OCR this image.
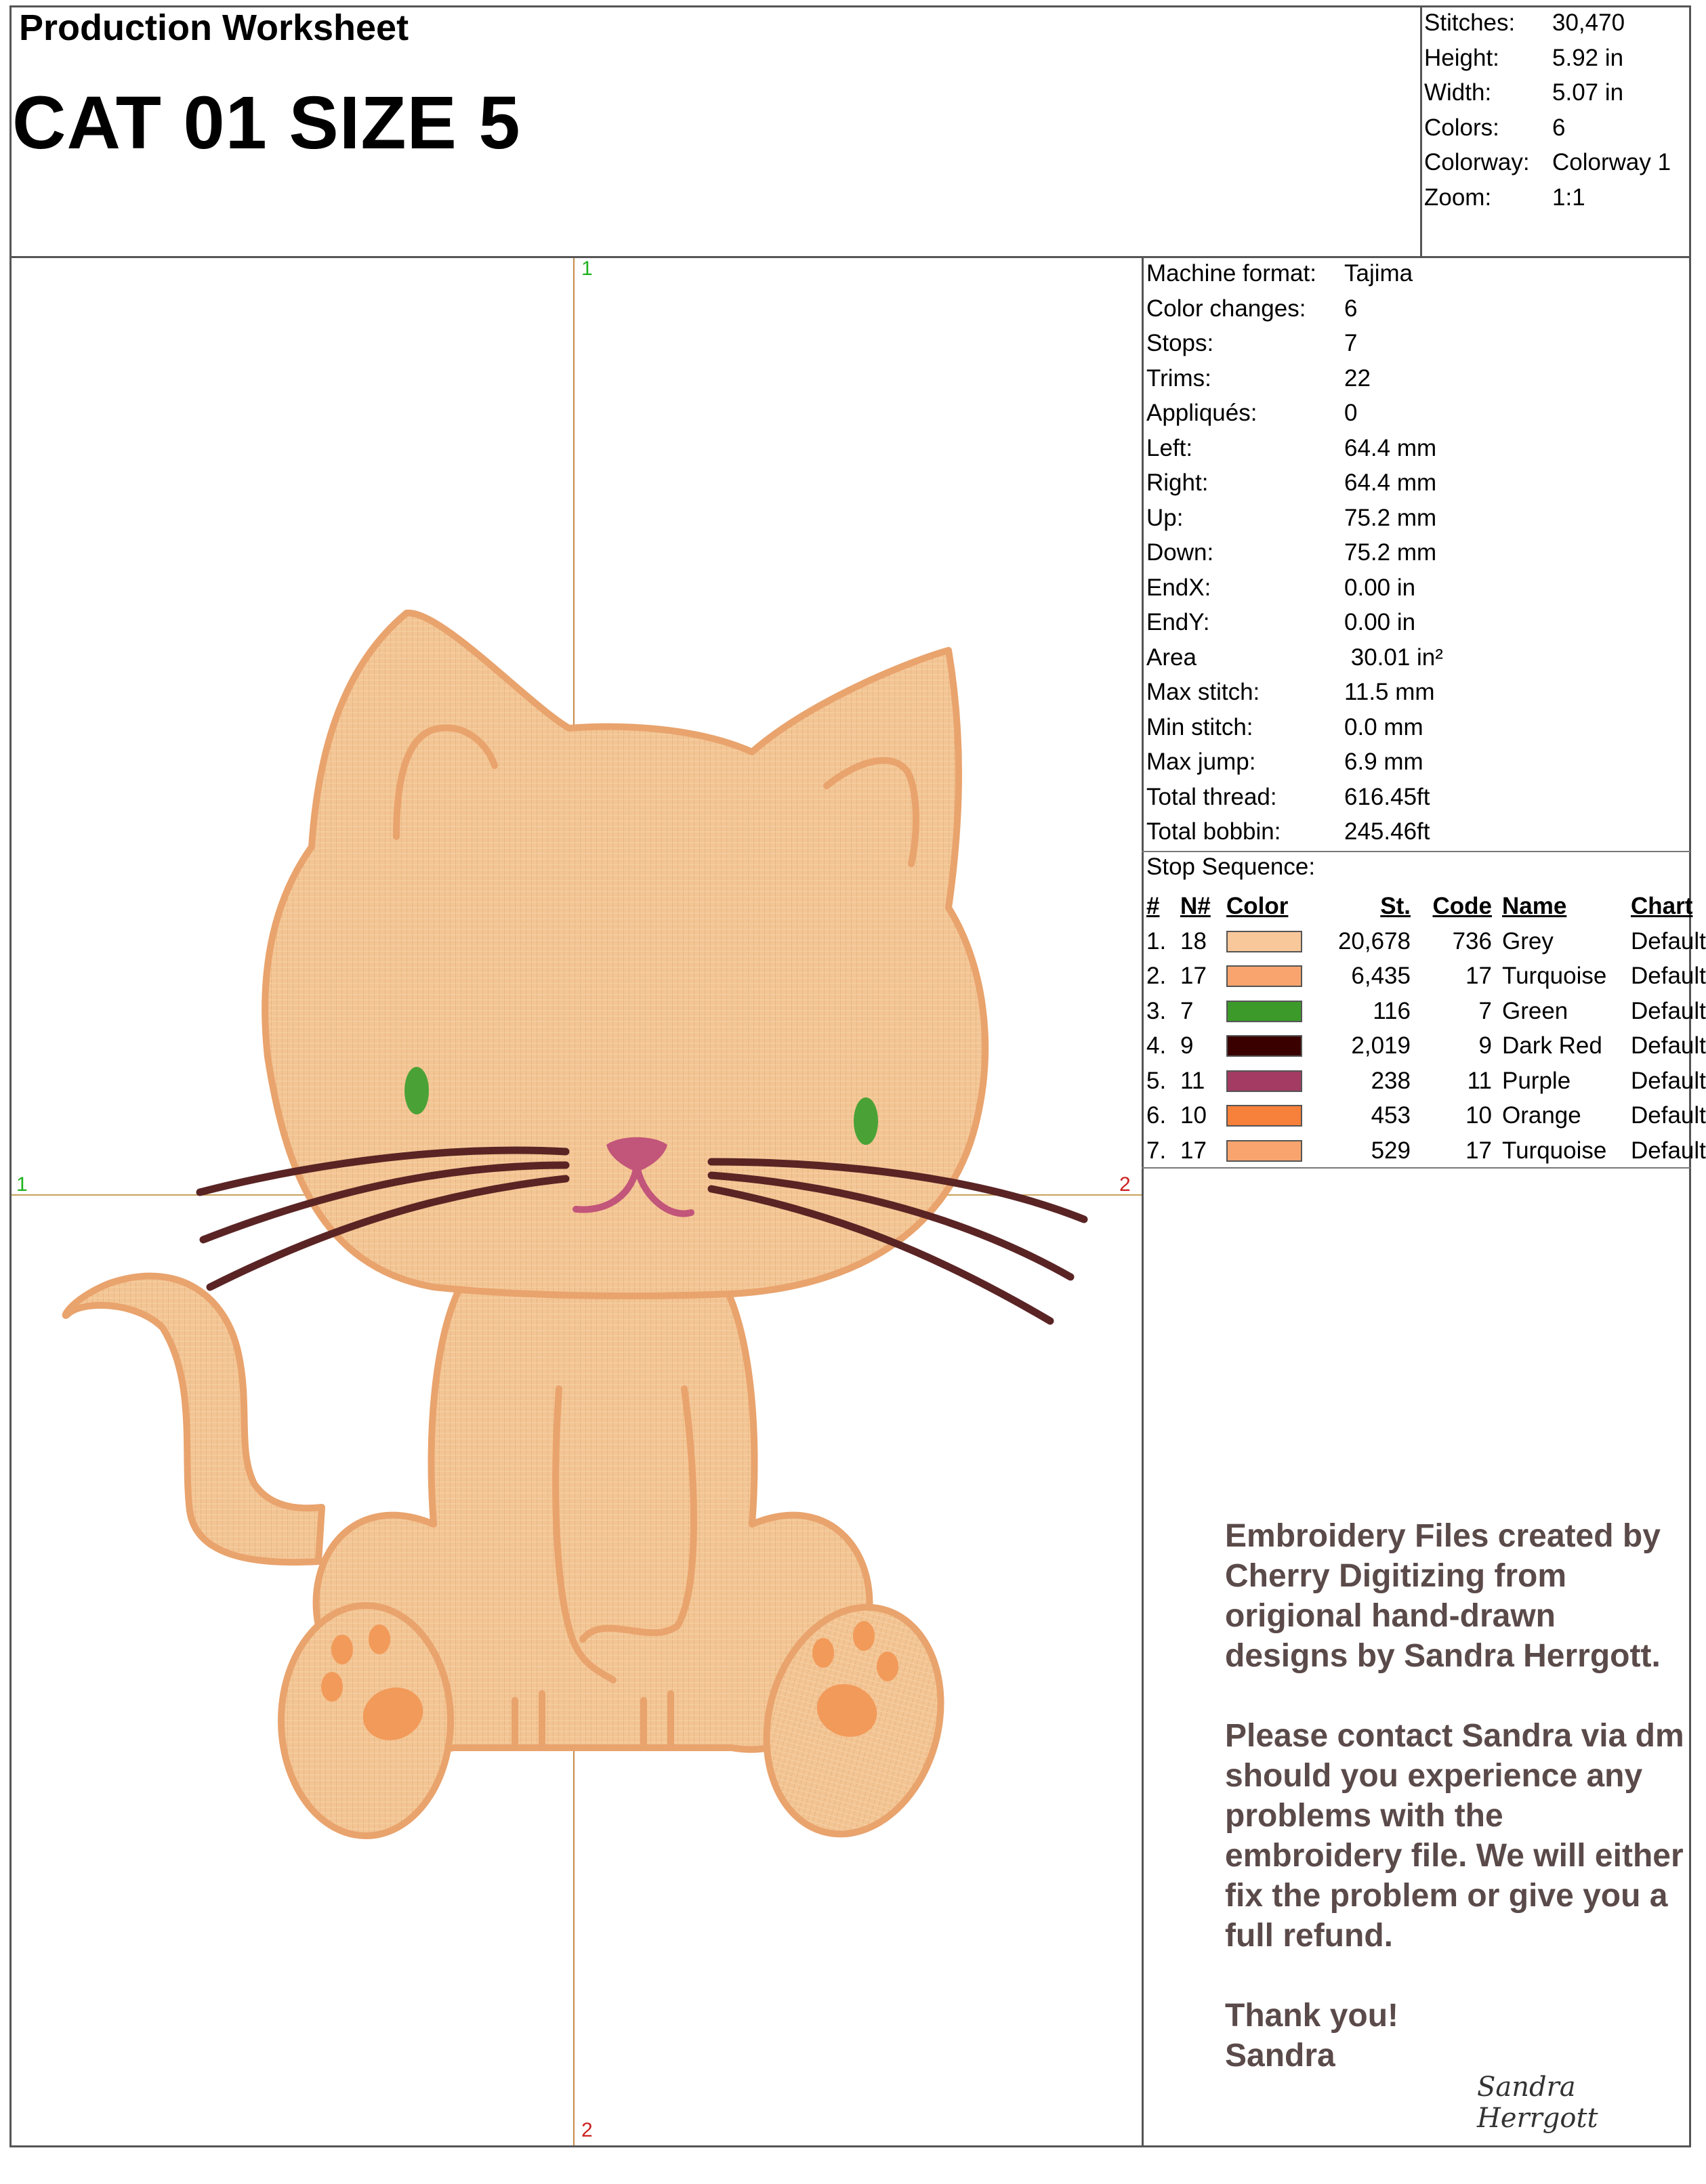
Production Worksheet
CAT 01 SIZE 5
Stitches:	30,470
Height:	5.92 in
Width:	5.07 in
Colors:	6
Colorway: Colorway 1
Zoom:	1:1
Machine format:	Tajima
Color changes:	6
Stops:	7
Trims:	22
Appliqués:	0
Left:	64.4 mm
Right:	64.4 mm
Up:	75.2 mm
Down:	75.2 mm
EndX:	0.00 in
EndY:	0.00 in
Area	30.01 in²
Max stitch:	11.5 mm
Min stitch:	0.0 mm
Max jump:	6.9 mm
Total thread:	616.45ft
Total bobbin:	245.46ft
Stop Sequence:
# N# Color	St. Code Name	Chart
1. 18	20,678	736 Grey	Default
2. 17	6,435	17 Turquoise Default
3. 7	116	7 Green	Default
4. 9	2,019	9 Dark Red Default
5. 11	238	11 Purple	Default
6. 10	453	10 Orange Default
7. 17	529	17 Turquoise Default
1
2
1	2

Embroidery Files created by Cherry Digitizing from origional hand-drawn designs by Sandra Herrgott.

Please contact Sandra via dm should you experience any problems with the embroidery file. We will either fix the problem or give you a full refund.

Thank you!
Sandra
Sandra Herrgott
